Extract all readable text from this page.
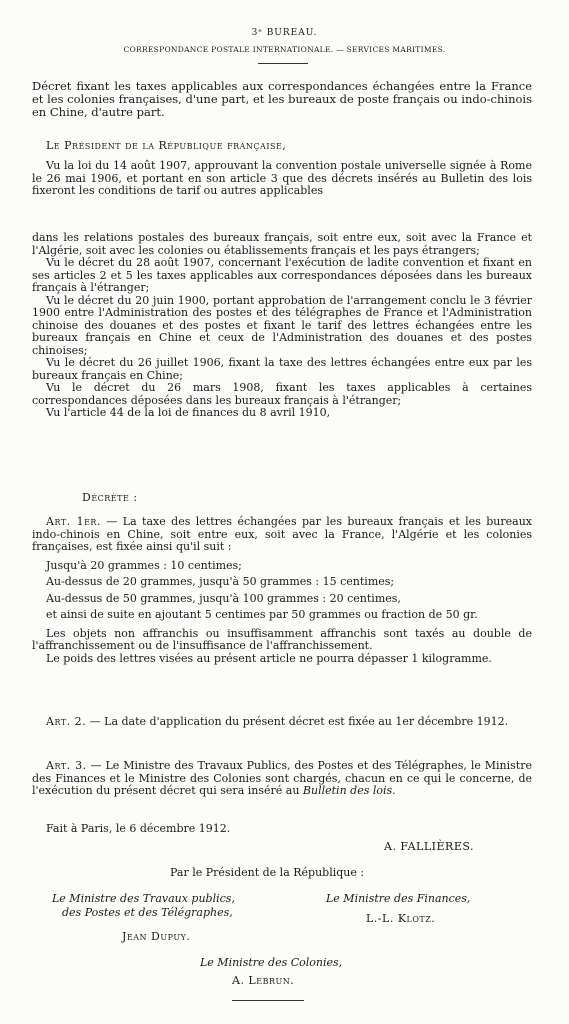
3ᵉ BUREAU.
CORRESPONDANCE POSTALE INTERNATIONALE. — SERVICES MARITIMES.

Décret fixant les taxes applicables aux correspondances échangées entre la France et les colonies françaises, d'une part, et les bureaux de poste français ou indo-chinois en Chine, d'autre part.

Le Président de la République française,

Vu la loi du 14 août 1907, approuvant la convention postale universelle signée à Rome le 26 mai 1906, et portant en son article 3 que des décrets insérés au Bulletin des lois fixeront les conditions de tarif ou autres applicables

dans les relations postales des bureaux français, soit entre eux, soit avec la France et l'Algérie, soit avec les colonies ou établissements français et les pays étrangers;

Vu le décret du 28 août 1907, concernant l'exécution de ladite convention et fixant en ses articles 2 et 5 les taxes applicables aux correspondances déposées dans les bureaux français à l'étranger;

Vu le décret du 20 juin 1900, portant approbation de l'arrangement conclu le 3 février 1900 entre l'Administration des postes et des télégraphes de France et l'Administration chinoise des douanes et des postes et fixant le tarif des lettres échangées entre les bureaux français en Chine et ceux de l'Administration des douanes et des postes chinoises;

Vu le décret du 26 juillet 1906, fixant la taxe des lettres échangées entre eux par les bureaux français en Chine;

Vu le décret du 26 mars 1908, fixant les taxes applicables à certaines correspondances déposées dans les bureaux français à l'étranger;

Vu l'article 44 de la loi de finances du 8 avril 1910,

Décrète :

Art. 1er. — La taxe des lettres échangées par les bureaux français et les bureaux indo-chinois en Chine, soit entre eux, soit avec la France, l'Algérie et les colonies françaises, est fixée ainsi qu'il suit :

Jusqu'à 20 grammes : 10 centimes;

Au-dessus de 20 grammes, jusqu'à 50 grammes : 15 centimes;

Au-dessus de 50 grammes, jusqu'à 100 grammes : 20 centimes,

et ainsi de suite en ajoutant 5 centimes par 50 grammes ou fraction de 50 gr.

Les objets non affranchis ou insuffisamment affranchis sont taxés au double de l'affranchissement ou de l'insuffisance de l'affranchissement.

Le poids des lettres visées au présent article ne pourra dépasser 1 kilogramme.

Art. 2. — La date d'application du présent décret est fixée au 1er décembre 1912.

Art. 3. — Le Ministre des Travaux Publics, des Postes et des Télégraphes, le Ministre des Finances et le Ministre des Colonies sont chargés, chacun en ce qui le concerne, de l'exécution du présent décret qui sera inséré au Bulletin des lois.

Fait à Paris, le 6 décembre 1912.
A. FALLIÈRES.
Par le Président de la République :
Le Ministre des Travaux publics,
des Postes et des Télégraphes,
Jean Dupuy.
Le Ministre des Finances,
L.-L. Klotz.
Le Ministre des Colonies,
A. Lebrun.
